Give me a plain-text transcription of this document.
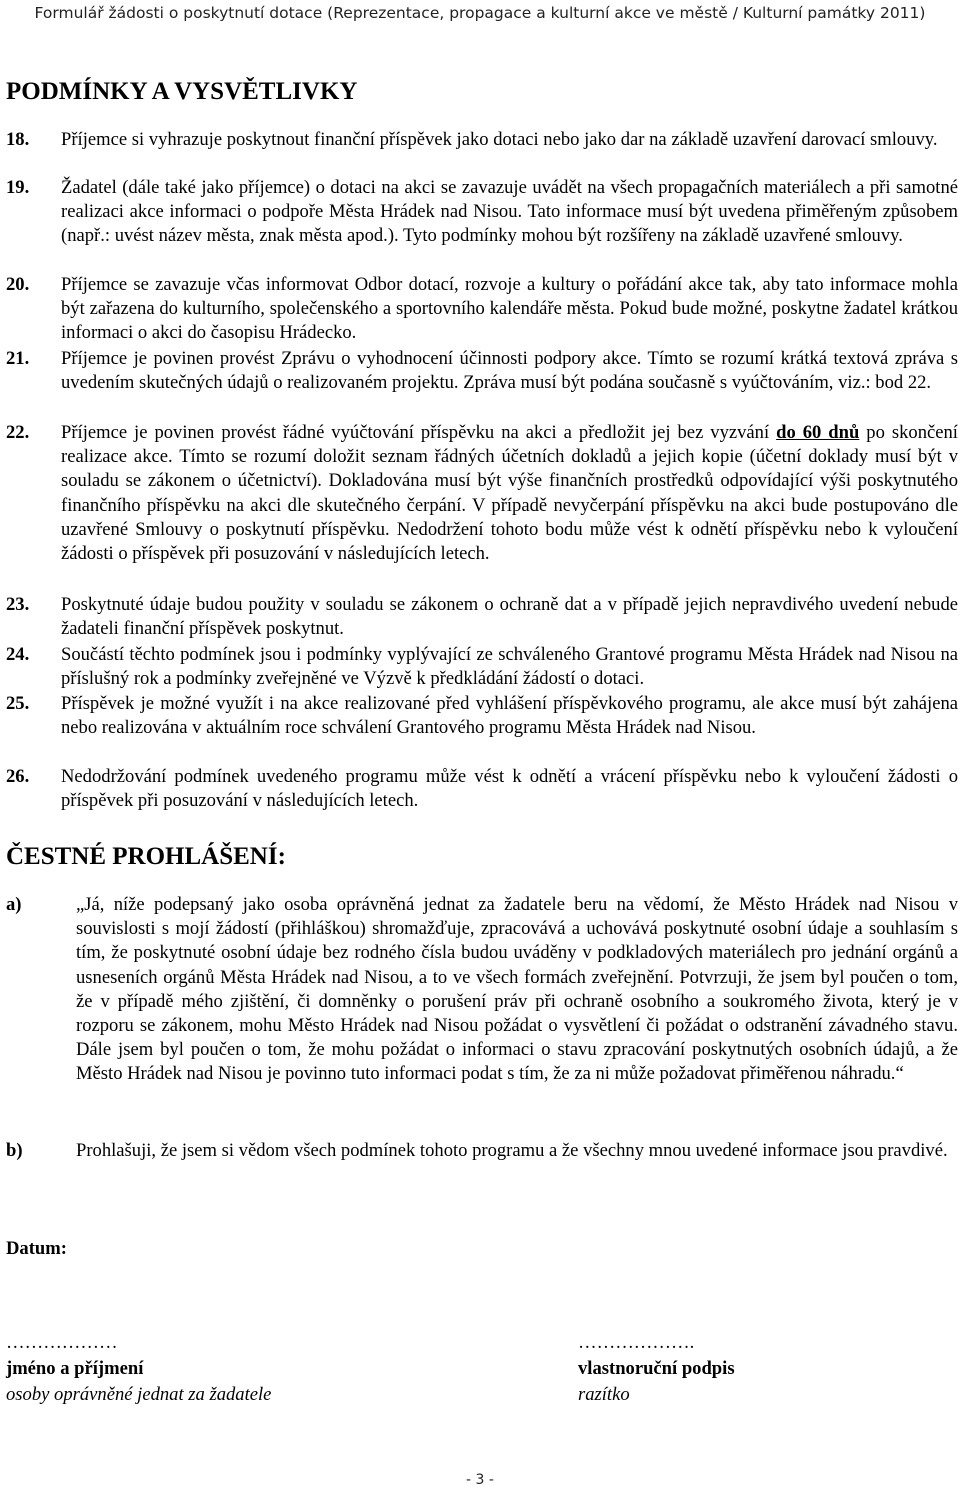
Formulář žádosti o poskytnutí dotace (Reprezentace, propagace a kulturní akce ve městě / Kulturní památky 2011)
PODMÍNKY A VYSVĚTLIVKY
18. Příjemce si vyhrazuje poskytnout finanční příspěvek jako dotaci nebo jako dar na základě uzavření darovací smlouvy.
19. Žadatel (dále také jako příjemce) o dotaci na akci se zavazuje uvádět na všech propagačních materiálech a při samotné realizaci akce informaci o podpoře Města Hrádek nad Nisou. Tato informace musí být uvedena přiměřeným způsobem (např.: uvést název města, znak města apod.). Tyto podmínky mohou být rozšířeny na základě uzavřené smlouvy.
20. Příjemce se zavazuje včas informovat Odbor dotací, rozvoje a kultury o pořádání akce tak, aby tato informace mohla být zařazena do kulturního, společenského a sportovního kalendáře města. Pokud bude možné, poskytne žadatel krátkou informaci o akci do časopisu Hrádecko.
21. Příjemce je povinen provést Zprávu o vyhodnocení účinnosti podpory akce. Tímto se rozumí krátká textová zpráva s uvedením skutečných údajů o realizovaném projektu. Zpráva musí být podána současně s vyúčtováním, viz.: bod 22.
22. Příjemce je povinen provést řádné vyúčtování příspěvku na akci a předložit jej bez vyzvání do 60 dnů po skončení realizace akce. Tímto se rozumí doložit seznam řádných účetních dokladů a jejich kopie (účetní doklady musí být v souladu se zákonem o účetnictví). Dokladována musí být výše finančních prostředků odpovídající výši poskytnutého finančního příspěvku na akci dle skutečného čerpání. V případě nevyčerpání příspěvku na akci bude postupováno dle uzavřené Smlouvy o poskytnutí příspěvku. Nedodržení tohoto bodu může vést k odnětí příspěvku nebo k vyloučení žádosti o příspěvek při posuzování v následujících letech.
23. Poskytnuté údaje budou použity v souladu se zákonem o ochraně dat a v případě jejich nepravdivého uvedení nebude žadateli finanční příspěvek poskytnut.
24. Součástí těchto podmínek jsou i podmínky vyplývající ze schváleného Grantové programu Města Hrádek nad Nisou na příslušný rok a podmínky zveřejněné ve Výzvě k předkládání žádostí o dotaci.
25. Příspěvek je možné využít i na akce realizované před vyhlášení příspěvkového programu, ale akce musí být zahájena nebo realizována v aktuálním roce schválení Grantového programu Města Hrádek nad Nisou.
26. Nedodržování podmínek uvedeného programu může vést k odnětí a vrácení příspěvku nebo k vyloučení žádosti o příspěvek při posuzování v následujících letech.
ČESTNÉ PROHLÁŠENÍ:
a)	„Já, níže podepsaný jako osoba oprávněná jednat za žadatele beru na vědomí, že Město Hrádek nad Nisou v souvislosti s mojí žádostí (přihláškou) shromažďuje, zpracovává a uchovává poskytnuté osobní údaje a souhlasím s tím, že poskytnuté osobní údaje bez rodného čísla budou uváděny v podkladových materiálech pro jednání orgánů a usneseních orgánů Města Hrádek nad Nisou, a to ve všech formách zveřejnění. Potvrzuji, že jsem byl poučen o tom, že v případě mého zjištění, či domněnky o porušení práv při ochraně osobního a soukromého života, který je v rozporu se zákonem, mohu Město Hrádek nad Nisou požádat o vysvětlení či požádat o odstranění závadného stavu. Dále jsem byl poučen o tom, že mohu požádat o informaci o stavu zpracování poskytnutých osobních údajů, a že Město Hrádek nad Nisou je povinno tuto informaci podat s tím, že za ni může požadovat přiměřenou náhradu.“
b)	Prohlašuji, že jsem si vědom všech podmínek tohoto programu a že všechny mnou uvedené informace jsou pravdivé.
Datum:
………………
jméno a příjmení
osoby oprávněné jednat za žadatele
……………….
vlastnoruční podpis
razítko
- 3 -
